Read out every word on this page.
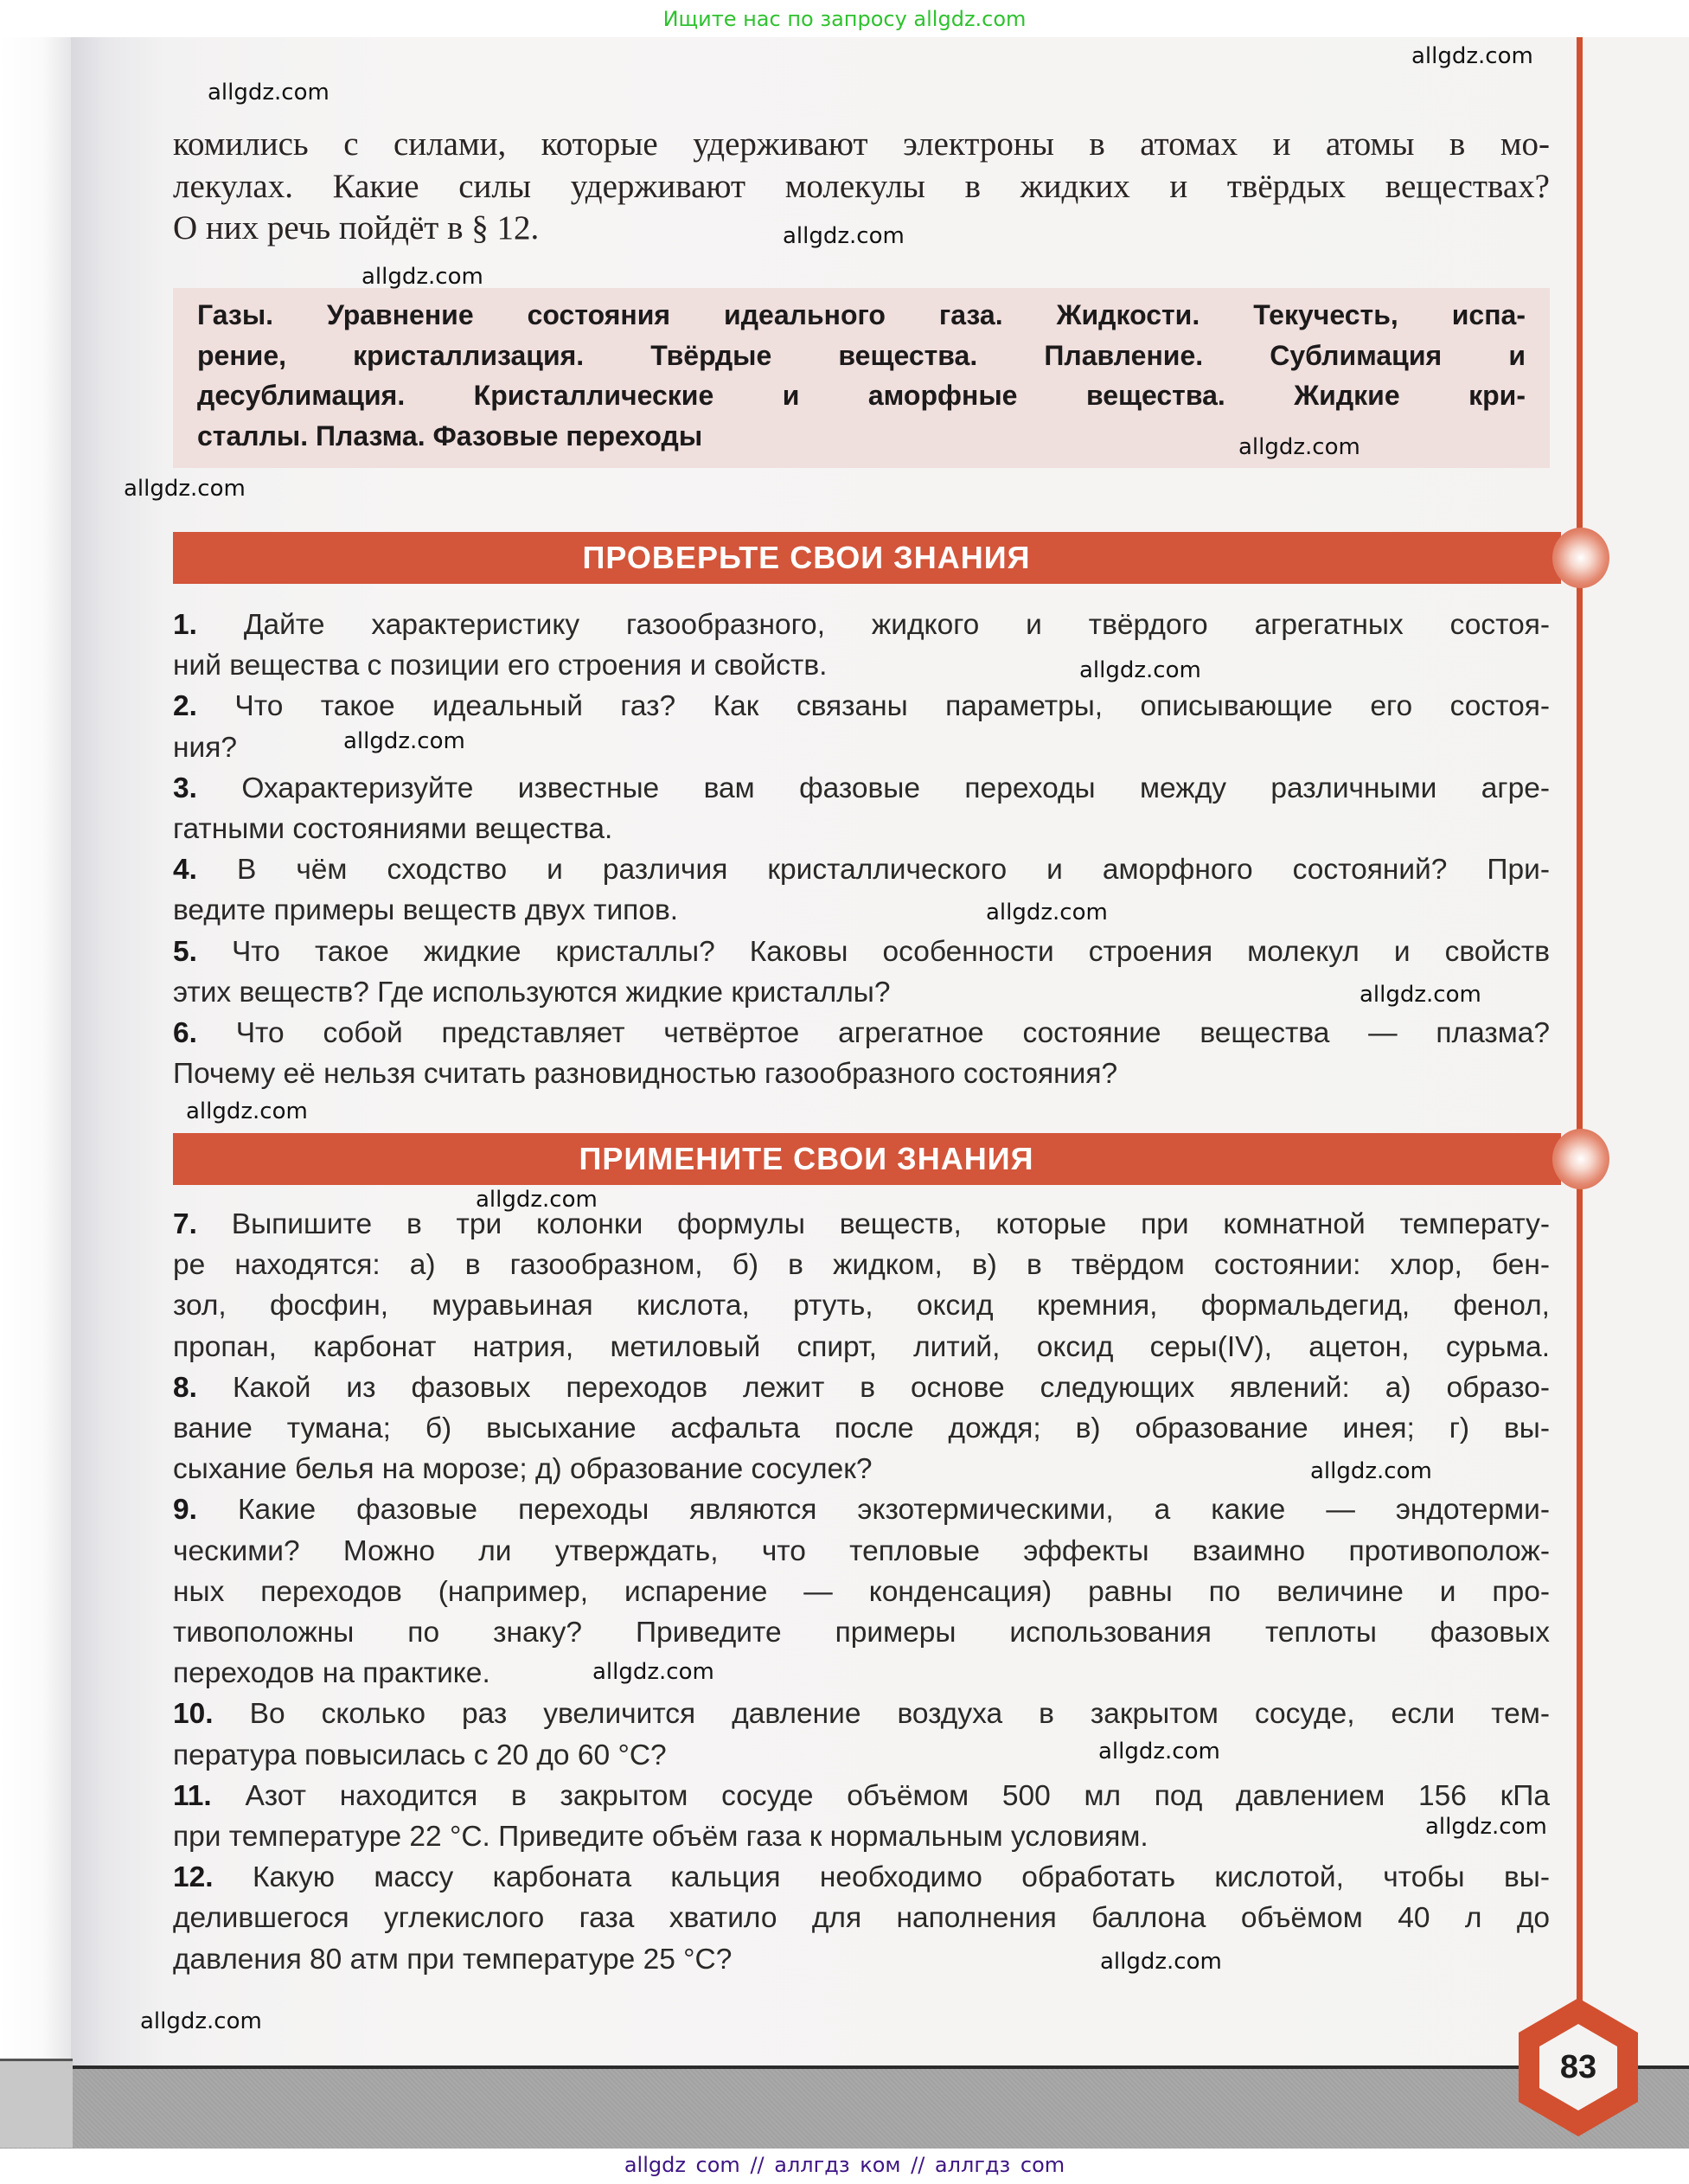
Ищите нас по запросу allgdz.com
комились с силами, которые удерживают электроны в атомах и атомы в мо-
лекулах. Какие силы удерживают молекулы в жидких и твёрдых веществах?
О них речь пойдёт в § 12.
Газы. Уравнение состояния идеального газа. Жидкости. Текучесть, испа-
рение, кристаллизация. Твёрдые вещества. Плавление. Сублимация и
десублимация. Кристаллические и аморфные вещества. Жидкие кри-
сталлы. Плазма. Фазовые переходы
ПРОВЕРЬТЕ СВОИ ЗНАНИЯ
1. Дайте характеристику газообразного, жидкого и твёрдого агрегатных состоя-
ний вещества с позиции его строения и свойств.
2. Что такое идеальный газ? Как связаны параметры, описывающие его состоя-
ния?
3. Охарактеризуйте известные вам фазовые переходы между различными агре-
гатными состояниями вещества.
4. В чём сходство и различия кристаллического и аморфного состояний? При-
ведите примеры веществ двух типов.
5. Что такое жидкие кристаллы? Каковы особенности строения молекул и свойств
этих веществ? Где используются жидкие кристаллы?
6. Что собой представляет четвёртое агрегатное состояние вещества — плазма?
Почему её нельзя считать разновидностью газообразного состояния?
ПРИМЕНИТЕ СВОИ ЗНАНИЯ
7. Выпишите в три колонки формулы веществ, которые при комнатной температу-
ре находятся: а) в газообразном, б) в жидком, в) в твёрдом состоянии: хлор, бен-
зол, фосфин, муравьиная кислота, ртуть, оксид кремния, формальдегид, фенол,
пропан, карбонат натрия, метиловый спирт, литий, оксид серы(IV), ацетон, сурьма.
8. Какой из фазовых переходов лежит в основе следующих явлений: а) образо-
вание тумана; б) высыхание асфальта после дождя; в) образование инея; г) вы-
сыхание белья на морозе; д) образование сосулек?
9. Какие фазовые переходы являются экзотермическими, а какие — эндотерми-
ческими? Можно ли утверждать, что тепловые эффекты взаимно противополож-
ных переходов (например, испарение — конденсация) равны по величине и про-
тивоположны по знаку? Приведите примеры использования теплоты фазовых
переходов на практике.
10. Во сколько раз увеличится давление воздуха в закрытом сосуде, если тем-
пература повысилась с 20 до 60 °С?
11. Азот находится в закрытом сосуде объёмом 500 мл под давлением 156 кПа
при температуре 22 °С. Приведите объём газа к нормальным условиям.
12. Какую массу карбоната кальция необходимо обработать кислотой, чтобы вы-
делившегося углекислого газа хватило для наполнения баллона объёмом 40 л до
давления 80 атм при температуре 25 °С?
83
allgdz.com
allgdz.com
allgdz.com
allgdz.com
allgdz.com
allgdz.com
allgdz.com
allgdz.com
allgdz.com
allgdz.com
allgdz.com
allgdz.com
allgdz.com
allgdz.com
allgdz.com
allgdz.com
allgdz.com
allgdz.com
allgdz com // аллгдз ком // аллгдз com
